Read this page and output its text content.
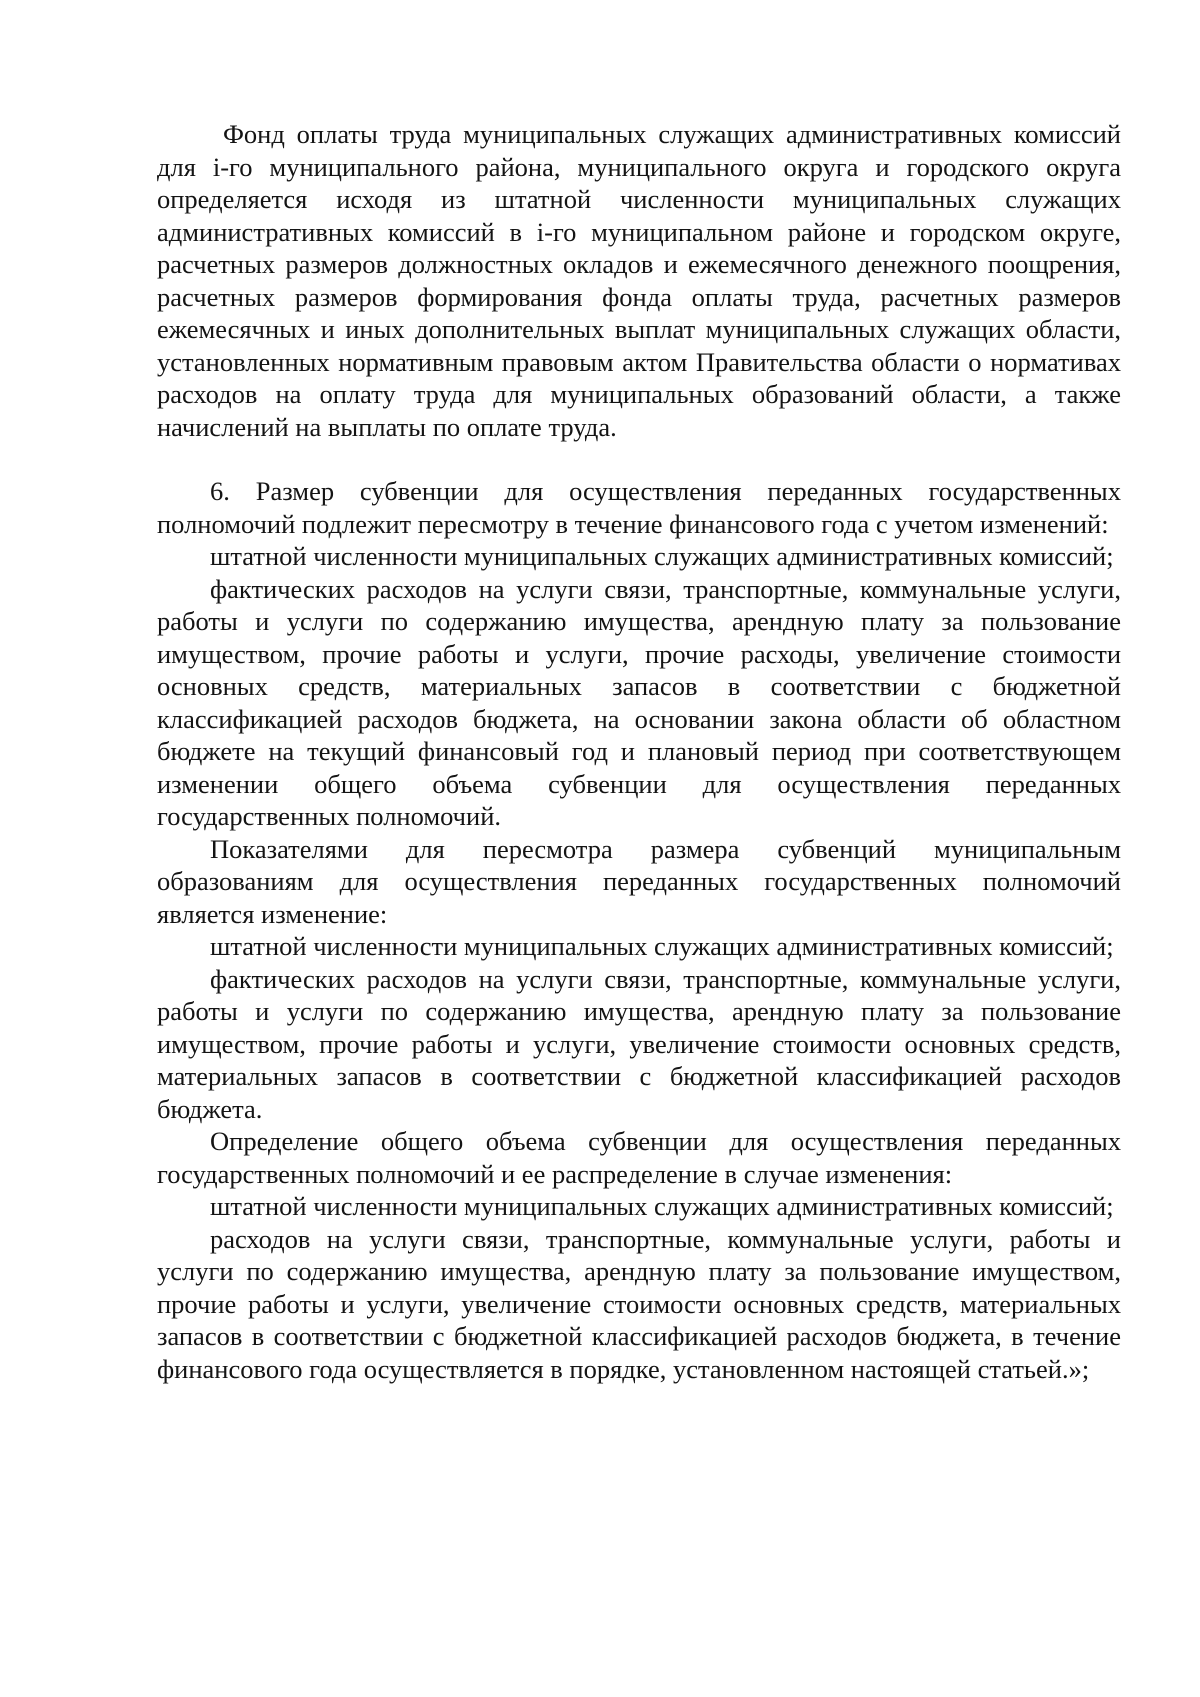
Фонд оплаты труда муниципальных служащих административных комиссий для i-го муниципального района, муниципального округа и городского округа определяется исходя из штатной численности муниципальных служащих административных комиссий в i-го муниципальном районе и городском округе, расчетных размеров должностных окладов и ежемесячного денежного поощрения, расчетных размеров формирования фонда оплаты труда, расчетных размеров ежемесячных и иных дополнительных выплат муниципальных служащих области, установленных нормативным правовым актом Правительства области о нормативах расходов на оплату труда для муниципальных образований области, а также начислений на выплаты по оплате труда.

6. Размер субвенции для осуществления переданных государственных полномочий подлежит пересмотру в течение финансового года с учетом изменений:

штатной численности муниципальных служащих административных комиссий;

фактических расходов на услуги связи, транспортные, коммунальные услуги, работы и услуги по содержанию имущества, арендную плату за пользование имуществом, прочие работы и услуги, прочие расходы, увеличение стоимости основных средств, материальных запасов в соответствии с бюджетной классификацией расходов бюджета, на основании закона области об областном бюджете на текущий финансовый год и плановый период при соответствующем изменении общего объема субвенции для осуществления переданных государственных полномочий.

Показателями для пересмотра размера субвенций муниципальным образованиям для осуществления переданных государственных полномочий является изменение:

штатной численности муниципальных служащих административных комиссий;

фактических расходов на услуги связи, транспортные, коммунальные услуги, работы и услуги по содержанию имущества, арендную плату за пользование имуществом, прочие работы и услуги, увеличение стоимости основных средств, материальных запасов в соответствии с бюджетной классификацией расходов бюджета.

Определение общего объема субвенции для осуществления переданных государственных полномочий и ее распределение в случае изменения:

штатной численности муниципальных служащих административных комиссий;

расходов на услуги связи, транспортные, коммунальные услуги, работы и услуги по содержанию имущества, арендную плату за пользование имуществом, прочие работы и услуги, увеличение стоимости основных средств, материальных запасов в соответствии с бюджетной классификацией расходов бюджета, в течение финансового года осуществляется в порядке, установленном настоящей статьей.»;
